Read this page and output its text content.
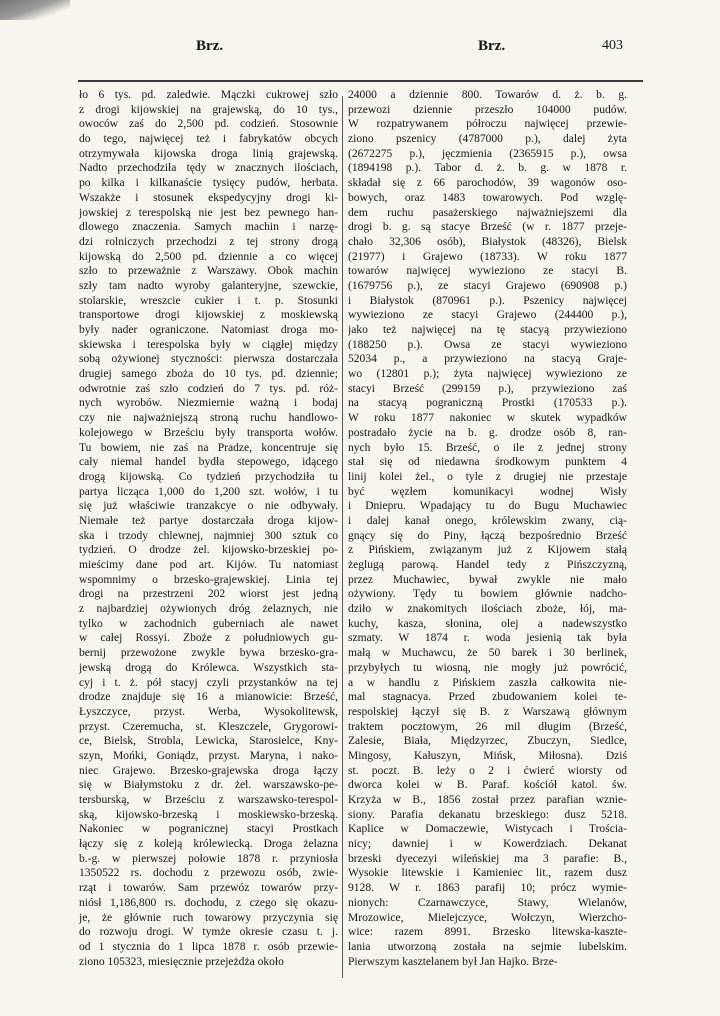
Brz.	Brz.	403
ło 6 tys. pd. zaledwie. Mączki cukrowej szło
z drogi kijowskiej na grajewską, do 10 tys.,
owoców zaś do 2,500 pd. codzień. Stosownie
do tego, najwięcej też i fabrykatów obcych
otrzymywała kijowska droga linią grajewską.
Nadto przechodziła tędy w znacznych ilościach,
po kilka i kilkanaście tysięcy pudów, herbata.
Wszakże i stosunek ekspedycyjny drogi ki-
jowskiej z terespolską nie jest bez pewnego han-
dlowego znaczenia. Samych machin i narzę-
dzi rolniczych przechodzi z tej strony drogą
kijowską do 2,500 pd. dziennie a co więcej
szło to przeważnie z Warszawy. Obok machin
szły tam nadto wyroby galanteryjne, szewckie,
stolarskie, wreszcie cukier i t. p. Stosunki
transportowe drogi kijowskiej z moskiewską
były nader ograniczone. Natomiast droga mo-
skiewska i terespolska były w ciągłej między
sobą ożywionej styczności: pierwsza dostarczała
drugiej samego zboża do 10 tys. pd. dziennie;
odwrotnie zaś szło codzień do 7 tys. pd. róż-
nych wyrobów. Niezmiernie ważną i bodaj
czy nie najważniejszą stroną ruchu handlowo-
kolejowego w Brześciu były transporta wołów.
Tu bowiem, nie zaś na Pradze, koncentruje się
cały niemal handel bydła stepowego, idącego
drogą kijowską. Co tydzień przychodziła tu
partya licząca 1,000 do 1,200 szt. wołów, i tu
się już właściwie tranzakcye o nie odbywały.
Niemałe też partye dostarczała droga kijow-
ska i trzody chlewnej, najmniej 300 sztuk co
tydzień. O drodze żel. kijowsko-brzeskiej po-
mieścimy dane pod art. Kijów. Tu natomiast
wspomnimy o brzesko-grajewskiej. Linia tej
drogi na przestrzeni 202 wiorst jest jedną
z najbardziej ożywionych dróg żelaznych, nie
tylko w zachodnich guberniach ale nawet
w całej Rossyi. Zboże z południowych gu-
bernij przewożone zwykle bywa brzesko-gra-
jewską drogą do Królewca. Wszystkich sta-
cyj i t. ż. pół stacyj czyli przystanków na tej
drodze znajduje się 16 a mianowicie: Brześć,
Łyszczyce, przyst. Werba, Wysokolitewsk,
przyst. Czeremucha, st. Kleszczele, Grygorowi-
ce, Bielsk, Strobla, Lewicka, Starosielce, Kny-
szyn, Mońki, Goniądz, przyst. Maryna, i nako-
niec Grajewo. Brzesko-grajewska droga łączy
się w Białymstoku z dr. żel. warszawsko-pe-
tersburską, w Brześciu z warszawsko-terespol-
ską, kijowsko-brzeską i moskiewsko-brzeską.
Nakoniec w pogranicznej stacyi Prostkach
łączy się z koleją królewiecką. Droga żelazna
b.-g. w pierwszej połowie 1878 r. przyniosła
1350522 rs. dochodu z przewozu osób, zwie-
rząt i towarów. Sam przewóz towarów przy-
niósł 1,186,800 rs. dochodu, z czego się okazu-
je, że głównie ruch towarowy przyczynia się
do rozwoju drogi. W tymże okresie czasu t. j.
od 1 stycznia do 1 lipca 1878 r. osób przewie-
ziono 105323, miesięcznie przejeżdża około
24000 a dziennie 800. Towarów d. ż. b. g.
przewozi dziennie przeszło 104000 pudów.
W rozpatrywanem półroczu najwięcej przewie-
ziono pszenicy (4787000 p.), dalej żyta
(2672275 p.), jęczmienia (2365915 p.), owsa
(1894198 p.). Tabor d. ż. b. g. w 1878 r.
składał się z 66 parochodów, 39 wagonów oso-
bowych, oraz 1483 towarowych. Pod wzglę-
dem ruchu pasażerskiego najważniejszemi dla
drogi b. g. są stacye Brześć (w r. 1877 przeje-
chało 32,306 osób), Białystok (48326), Bielsk
(21977) i Grajewo (18733). W roku 1877
towarów najwięcej wywieziono ze stacyi B.
(1679756 p.), ze stacyi Grajewo (690908 p.)
i Białystok (870961 p.). Pszenicy najwięcej
wywieziono ze stacyi Grajewo (244400 p.),
jako też najwięcej na tę stacyą przywieziono
(188250 p.). Owsa ze stacyi wywieziono
52034 p., a przywieziono na stacyą Graje-
wo (12801 p.); żyta najwięcej wywieziono ze
stacyi Brześć (299159 p.), przywieziono zaś
na stacyą pograniczną Prostki (170533 p.).
W roku 1877 nakoniec w skutek wypadków
postradało życie na b. g. drodze osób 8, ran-
nych było 15. Brześć, o ile z jednej strony
stał się od niedawna środkowym punktem 4
linij kolei żel., o tyle z drugiej nie przestaje
być węzłem komunikacyi wodnej Wisły
i Dniepru. Wpadający tu do Bugu Muchawiec
i dalej kanał onego, królewskim zwany, cią-
gnący się do Piny, łączą bezpośrednio Brześć
z Pińskiem, związanym już z Kijowem stałą
żeglugą parową. Handel tedy z Pińszczyzną,
przez Muchawiec, bywał zwykle nie mało
ożywiony. Tędy tu bowiem głównie nadcho-
dziło w znakomitych ilościach zboże, łój, ma-
kuchy, kasza, słonina, olej a nadewszystko
szmaty. W 1874 r. woda jesienią tak była
małą w Muchawcu, że 50 barek i 30 berlinek,
przybyłych tu wiosną, nie mogły już powrócić,
a w handlu z Pińskiem zaszła całkowita nie-
mal stagnacya. Przed zbudowaniem kolei te-
respolskiej łączył się B. z Warszawą głównym
traktem pocztowym, 26 mil długim (Brześć,
Zalesie, Biała, Międzyrzec, Zbuczyn, Siedlce,
Mingosy, Kałuszyn, Mińsk, Miłosna). Dziś
st. poczt. B. leży o 2 i ćwierć wiorsty od
dworca kolei w B. Paraf. kościół katol. św.
Krzyża w B., 1856 został przez parafian wznie-
siony. Parafia dekanatu brzeskiego: dusz 5218.
Kaplice w Domaczewie, Wistycach i Trościa-
nicy; dawniej i w Kowerdziach. Dekanat
brzeski dyecezyi wileńskiej ma 3 parafie: B.,
Wysokie litewskie i Kamieniec lit., razem dusz
9128. W r. 1863 parafij 10; prócz wymie-
nionych: Czarnawczyce, Stawy, Wielanów,
Mrozowice, Mielejczyce, Wołczyn, Wierzcho-
wice: razem 8991. Brzesko litewska-kaszte-
lania utworzoną została na sejmie lubelskim.
Pierwszym kasztelanem był Jan Hajko. Brze-
